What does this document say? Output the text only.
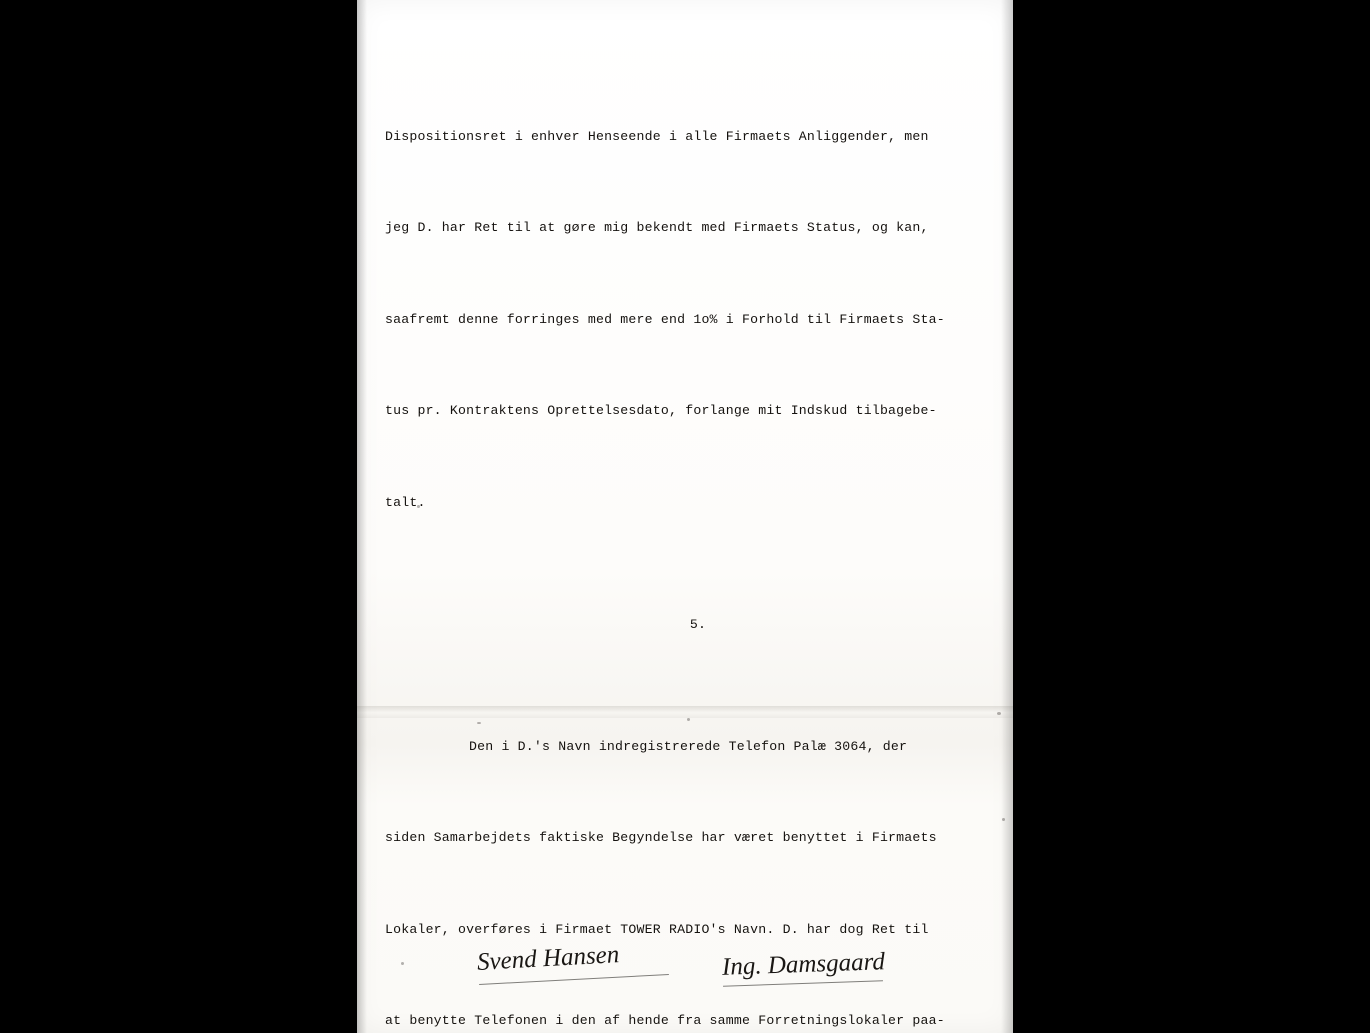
Dispositionsret i enhver Henseende i alle Firmaets Anliggender, men

jeg D. har Ret til at gøre mig bekendt med Firmaets Status, og kan,

saafremt denne forringes med mere end 1o% i Forhold til Firmaets Sta-

tus pr. Kontraktens Oprettelsesdato, forlange mit Indskud tilbagebe-

talt.

5.

Den i D.'s Navn indregistrerede Telefon Palæ 3064, der

siden Samarbejdets faktiske Begyndelse har været benyttet i Firmaets

Lokaler, overføres i Firmaet TOWER RADIO's Navn. D. har dog Ret til

at benytte Telefonen i den af hende fra samme Forretningslokaler paa-

Svend Hansen	Ing. Damsgaard
